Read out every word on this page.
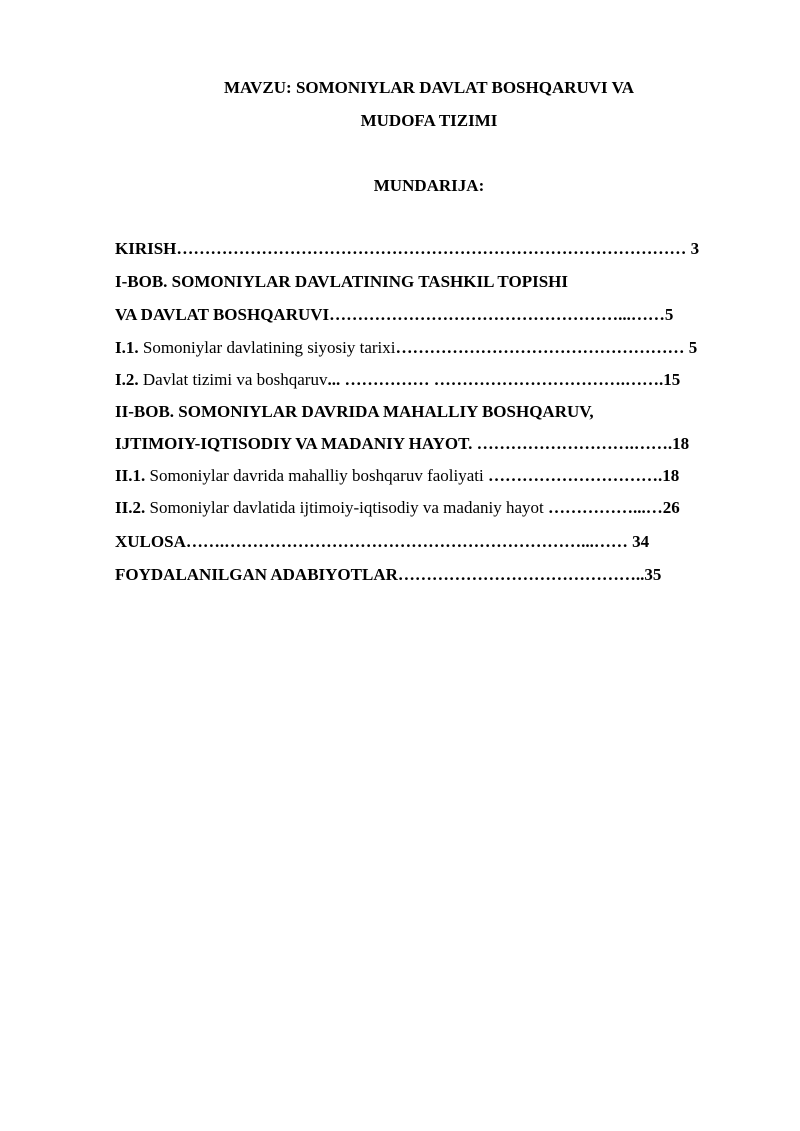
MAVZU: SOMONIYLAR DAVLAT BOSHQARUVI VA
MUDOFA TIZIMI
MUNDARIJA:
KIRISH……………………………………………………………………………… 3
I-BOB. SOMONIYLAR DAVLATINING TASHKIL TOPISHI
VA DAVLAT BOSHQARUVI……………………………………………...……5
I.1. Somoniylar davlatining siyosiy tarixi…………………………………………… 5
I.2. Davlat tizimi va boshqaruv... …………… …………………………….…….15
II-BOB. SOMONIYLAR DAVRIDA MAHALLIY BOSHQARUV,
IJTIMOIY-IQTISODIY VA MADANIY HAYOT. ……………………….…….18
II.1. Somoniylar davrida mahalliy boshqaruv faoliyati ………………………….18
II.2. Somoniylar davlatida ijtimoiy-iqtisodiy va madaniy hayot ……………...…26
XULOSA…….………………………………………………………...…… 34
FOYDALANILGAN ADABIYOTLAR……………………………………..35
